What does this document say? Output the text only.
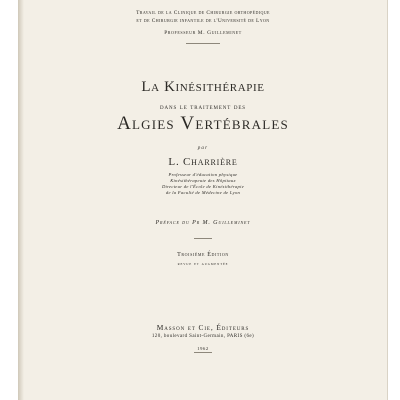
Travail de la Clinique de Chirurgie orthopédique
et de Chirurgie infantile de l'Université de Lyon
Professeur M. Guilleminet
La Kinésithérapie
dans le traitement des
Algies Vertébrales
par
L. Charrière
Professeur d'éducation physique
Kinésithérapeute des Hôpitaux
Directeur de l'École de Kinésithérapie
de la Faculté de Médecine de Lyon
Préface du Pr M. Guilleminet
Troisième Édition
revue et augmentée
Masson et Cie, Éditeurs
120, boulevard Saint-Germain, PARIS (6e)
1962
